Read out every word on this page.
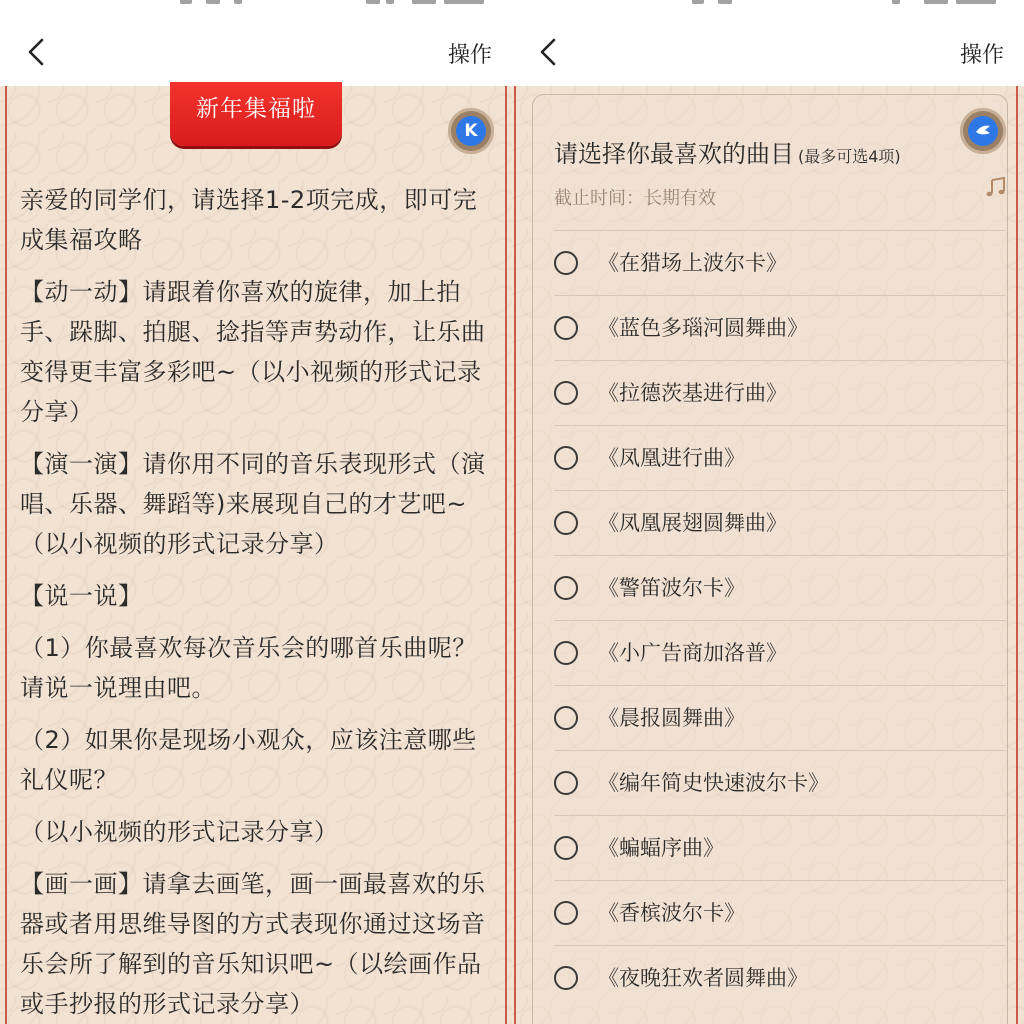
操作
新年集福啦
K

亲爱的同学们，请选择1-2项完成，即可完成集福攻略

【动一动】请跟着你喜欢的旋律，加上拍手、跺脚、拍腿、捻指等声势动作，让乐曲变得更丰富多彩吧~（以小视频的形式记录分享）

【演一演】请你用不同的音乐表现形式（演唱、乐器、舞蹈等)来展现自己的才艺吧~（以小视频的形式记录分享）

【说一说】

（1）你最喜欢每次音乐会的哪首乐曲呢？请说一说理由吧。

（2）如果你是现场小观众，应该注意哪些礼仪呢？

（以小视频的形式记录分享）

【画一画】请拿去画笔，画一画最喜欢的乐器或者用思维导图的方式表现你通过这场音乐会所了解到的音乐知识吧~（以绘画作品或手抄报的形式记录分享）

操作
请选择你最喜欢的曲目 (最多可选4项)
截止时间：长期有效
《在猎场上波尔卡》
《蓝色多瑙河圆舞曲》
《拉德茨基进行曲》
《凤凰进行曲》
《凤凰展翅圆舞曲》
《警笛波尔卡》
《小广告商加洛普》
《晨报圆舞曲》
《编年简史快速波尔卡》
《蝙蝠序曲》
《香槟波尔卡》
《夜晚狂欢者圆舞曲》
